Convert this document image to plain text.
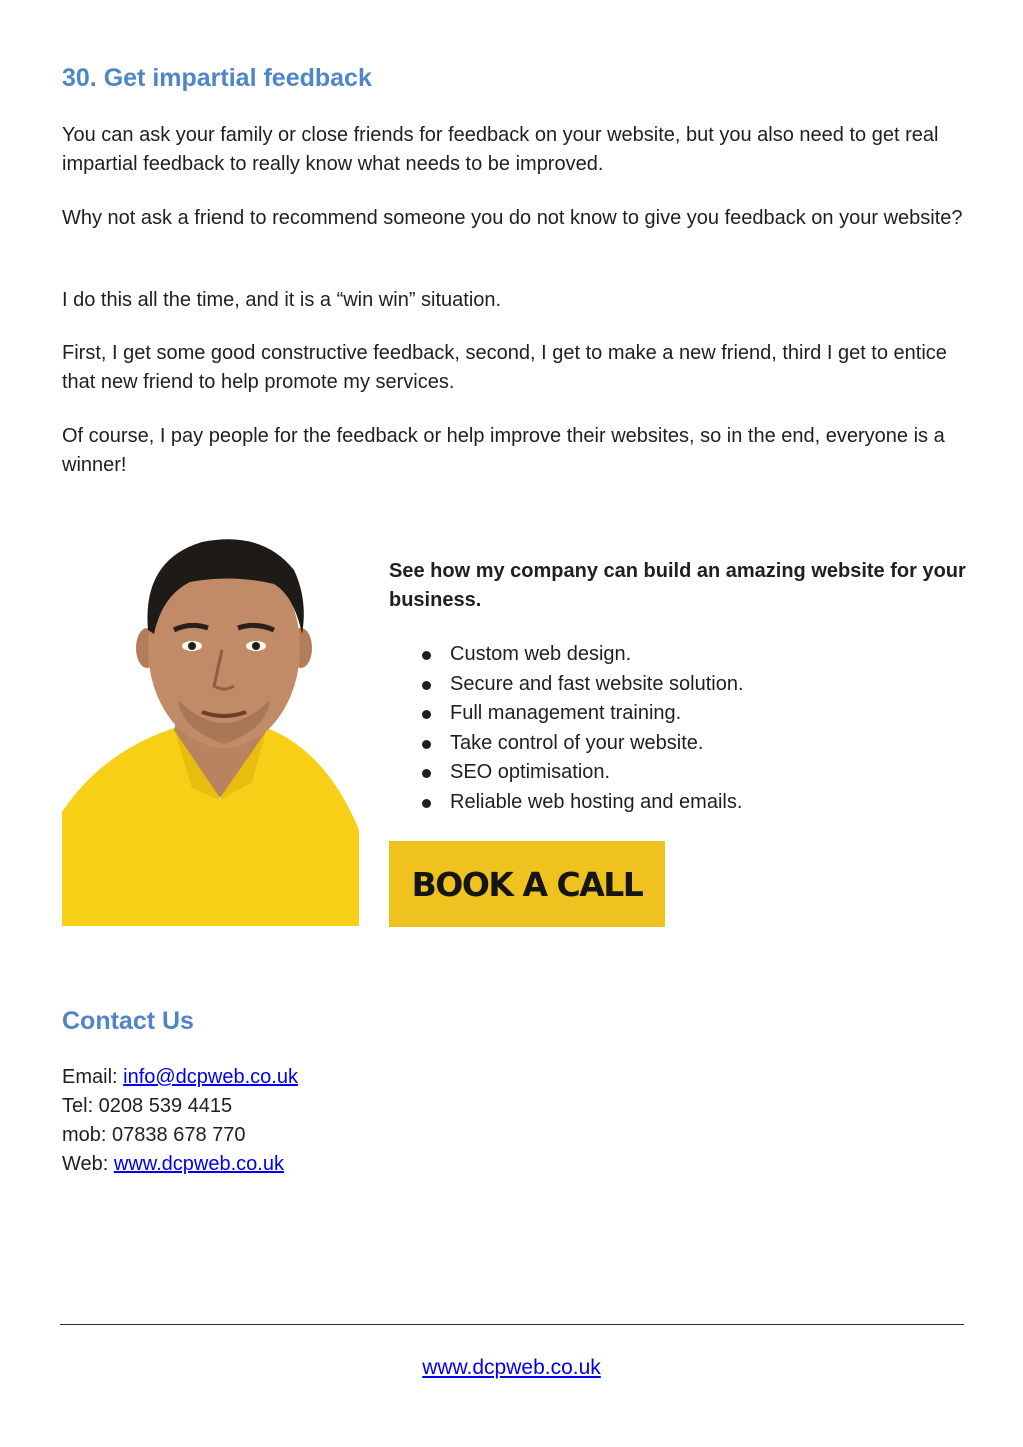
30. Get impartial feedback

You can ask your family or close friends for feedback on your website, but you also need to get real impartial feedback to really know what needs to be improved.

Why not ask a friend to recommend someone you do not know to give you feedback on your website?

I do this all the time, and it is a “win win” situation.

First, I get some good constructive feedback, second, I get to make a new friend, third I get to entice that new friend to help promote my services.

Of course, I pay people for the feedback or help improve their websites, so in the end, everyone is a winner!

See how my company can build an amazing website for your business.

Custom web design.
Secure and fast website solution.
Full management training.
Take control of your website.
SEO optimisation.
Reliable web hosting and emails.
BOOK A CALL
Contact Us
Email: info@dcpweb.co.uk
Tel: 0208 539 4415
mob: 07838 678 770
Web: www.dcpweb.co.uk
www.dcpweb.co.uk
